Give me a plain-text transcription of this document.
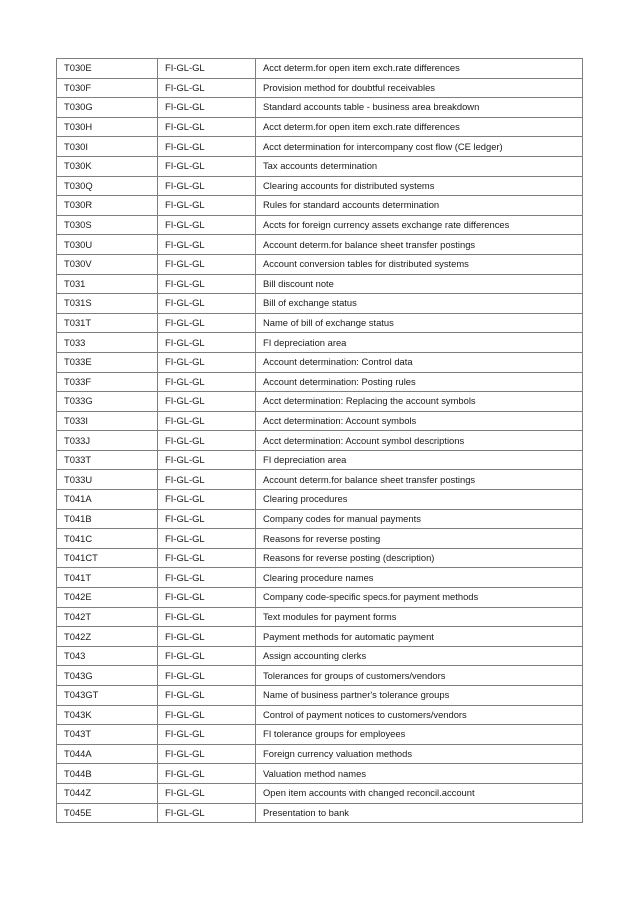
T030E	FI-GL-GL	Acct determ.for open item exch.rate differences
T030F	FI-GL-GL	Provision method for doubtful receivables
T030G	FI-GL-GL	Standard accounts table - business area breakdown
T030H	FI-GL-GL	Acct determ.for open item exch.rate differences
T030I	FI-GL-GL	Acct determination for intercompany cost flow (CE ledger)
T030K	FI-GL-GL	Tax accounts determination
T030Q	FI-GL-GL	Clearing accounts for distributed systems
T030R	FI-GL-GL	Rules for standard accounts determination
T030S	FI-GL-GL	Accts for foreign currency assets exchange rate differences
T030U	FI-GL-GL	Account determ.for balance sheet transfer postings
T030V	FI-GL-GL	Account conversion tables for distributed systems
T031	FI-GL-GL	Bill discount note
T031S	FI-GL-GL	Bill of exchange status
T031T	FI-GL-GL	Name of bill of exchange status
T033	FI-GL-GL	FI depreciation area
T033E	FI-GL-GL	Account determination: Control data
T033F	FI-GL-GL	Account determination: Posting rules
T033G	FI-GL-GL	Acct determination: Replacing the account symbols
T033I	FI-GL-GL	Acct determination: Account symbols
T033J	FI-GL-GL	Acct determination: Account symbol descriptions
T033T	FI-GL-GL	FI depreciation area
T033U	FI-GL-GL	Account determ.for balance sheet transfer postings
T041A	FI-GL-GL	Clearing procedures
T041B	FI-GL-GL	Company codes for manual payments
T041C	FI-GL-GL	Reasons for reverse posting
T041CT	FI-GL-GL	Reasons for reverse posting (description)
T041T	FI-GL-GL	Clearing procedure names
T042E	FI-GL-GL	Company code-specific specs.for payment methods
T042T	FI-GL-GL	Text modules for payment forms
T042Z	FI-GL-GL	Payment methods for automatic payment
T043	FI-GL-GL	Assign accounting clerks
T043G	FI-GL-GL	Tolerances for groups of customers/vendors
T043GT	FI-GL-GL	Name of business partner's tolerance groups
T043K	FI-GL-GL	Control of payment notices to customers/vendors
T043T	FI-GL-GL	FI tolerance groups for employees
T044A	FI-GL-GL	Foreign currency valuation methods
T044B	FI-GL-GL	Valuation method names
T044Z	FI-GL-GL	Open item accounts with changed reconcil.account
T045E	FI-GL-GL	Presentation to bank
